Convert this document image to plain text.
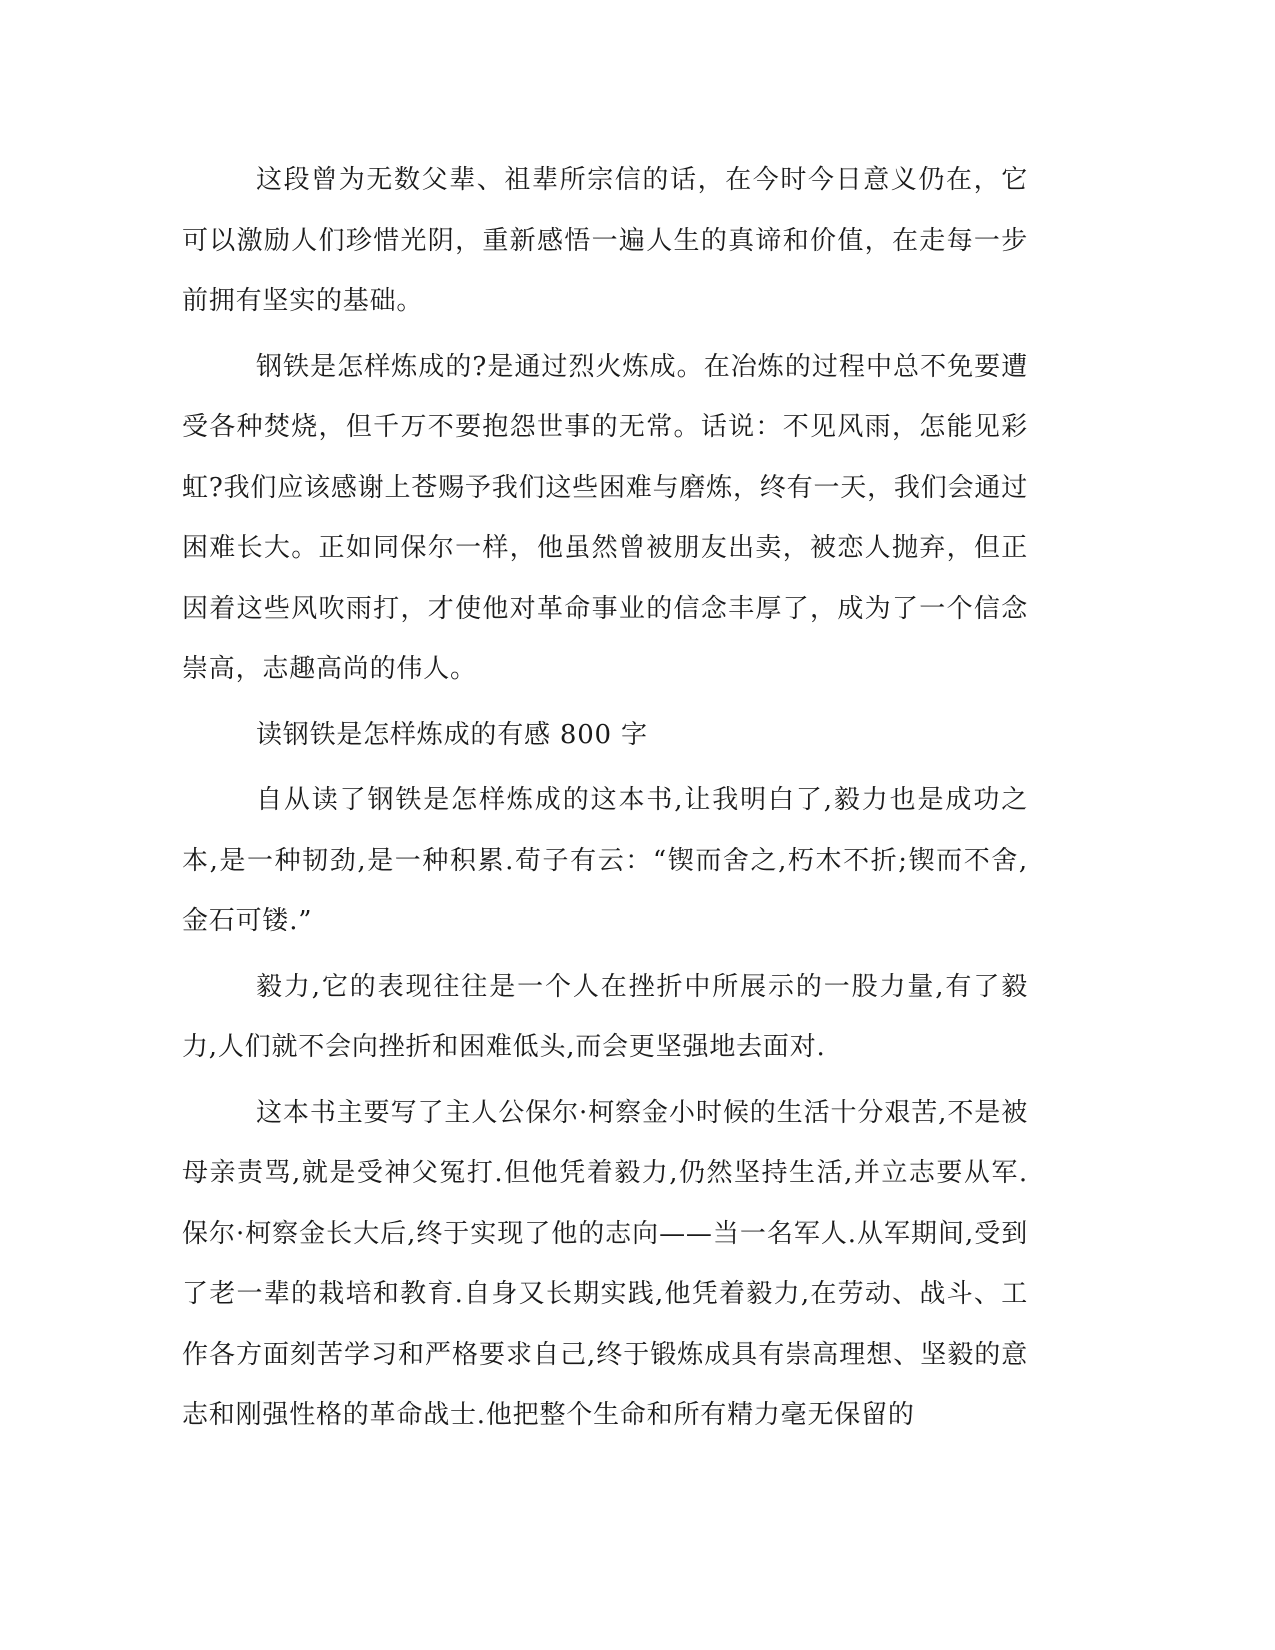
这段曾为无数父辈、祖辈所宗信的话，在今时今日意义仍在，它可以激励人们珍惜光阴，重新感悟一遍人生的真谛和价值，在走每一步前拥有坚实的基础。

钢铁是怎样炼成的?是通过烈火炼成。在冶炼的过程中总不免要遭受各种焚烧，但千万不要抱怨世事的无常。话说：不见风雨，怎能见彩虹?我们应该感谢上苍赐予我们这些困难与磨炼，终有一天，我们会通过困难长大。正如同保尔一样，他虽然曾被朋友出卖，被恋人抛弃，但正因着这些风吹雨打，才使他对革命事业的信念丰厚了，成为了一个信念崇高，志趣高尚的伟人。

读钢铁是怎样炼成的有感 800 字

自从读了钢铁是怎样炼成的这本书,让我明白了,毅力也是成功之本,是一种韧劲,是一种积累.荀子有云：“锲而舍之,朽木不折;锲而不舍,金石可镂.”

毅力,它的表现往往是一个人在挫折中所展示的一股力量,有了毅力,人们就不会向挫折和困难低头,而会更坚强地去面对.

这本书主要写了主人公保尔·柯察金小时候的生活十分艰苦,不是被母亲责骂,就是受神父冤打.但他凭着毅力,仍然坚持生活,并立志要从军.保尔·柯察金长大后,终于实现了他的志向——当一名军人.从军期间,受到了老一辈的栽培和教育.自身又长期实践,他凭着毅力,在劳动、战斗、工作各方面刻苦学习和严格要求自己,终于锻炼成具有崇高理想、坚毅的意志和刚强性格的革命战士.他把整个生命和所有精力毫无保留的
